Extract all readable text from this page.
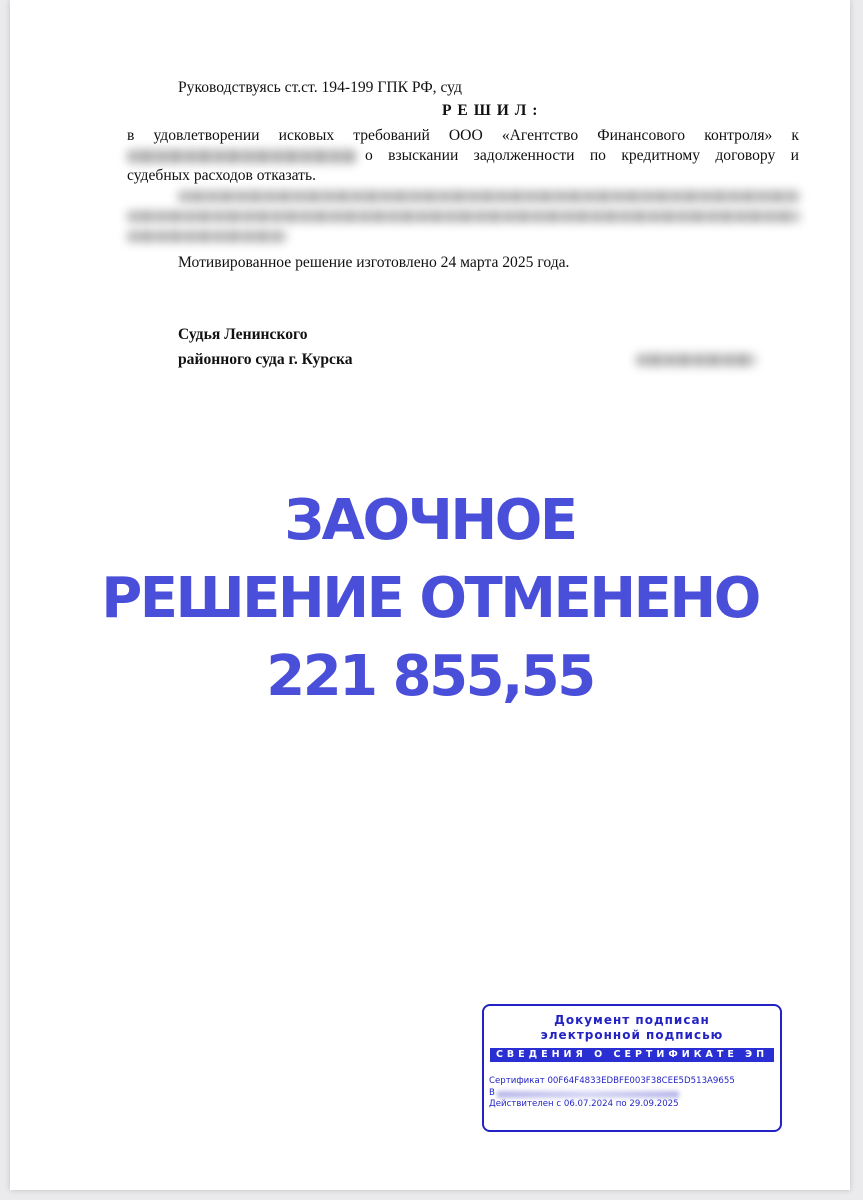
Руководствуясь ст.ст. 194-199 ГПК РФ, суд

Р Е Ш И Л :

в удовлетворении исковых требований ООО «Агентство Финансового контроля» к

о взыскании задолженности по кредитному договору и

судебных расходов отказать.

Мотивированное решение изготовлено 24 марта 2025 года.

Судья Ленинского

районного суда г. Курска

ЗАОЧНОЕ
РЕШЕНИЕ ОТМЕНЕНО
221 855,55
Документ подписан
электронной подписью
СВЕДЕНИЯ О СЕРТИФИКАТЕ ЭП
Сертификат 00F64F4833EDBFE003F38CEE5D513A9655
В
Действителен с 06.07.2024 по 29.09.2025
